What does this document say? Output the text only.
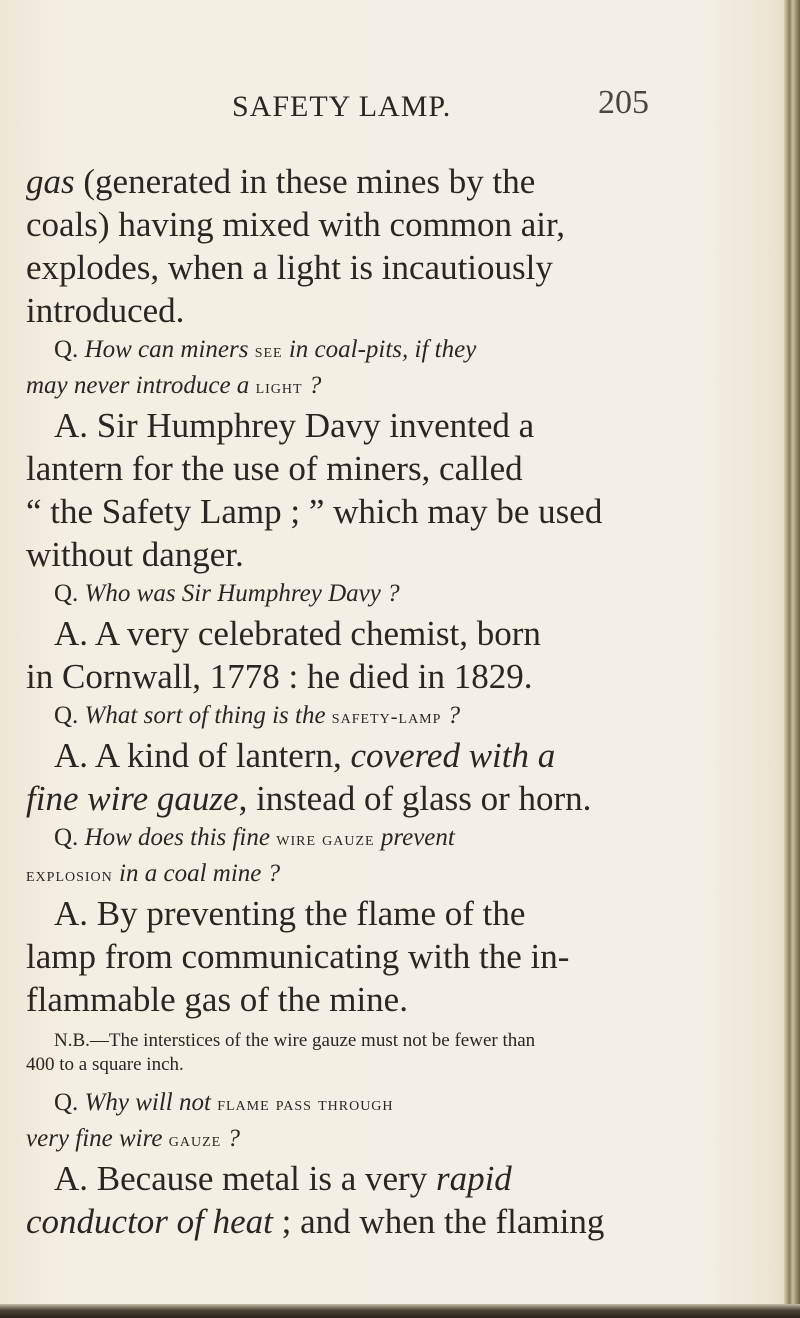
SAFETY LAMP.	205
gas (generated in these mines by the
coals) having mixed with common air,
explodes, when a light is incautiously
introduced.
Q. How can miners see in coal-pits, if they
may never introduce a light ?
A. Sir Humphrey Davy invented a
lantern for the use of miners, called
“ the Safety Lamp ; ” which may be used
without danger.
Q. Who was Sir Humphrey Davy ?
A. A very celebrated chemist, born
in Cornwall, 1778 : he died in 1829.
Q. What sort of thing is the safety-lamp ?
A. A kind of lantern, covered with a
fine wire gauze, instead of glass or horn.
Q. How does this fine wire gauze prevent
explosion in a coal mine ?
A. By preventing the flame of the
lamp from communicating with the in-
flammable gas of the mine.
N.B.—The interstices of the wire gauze must not be fewer than
400 to a square inch.
Q. Why will not flame pass through
very fine wire gauze ?
A. Because metal is a very rapid
conductor of heat ; and when the flaming
